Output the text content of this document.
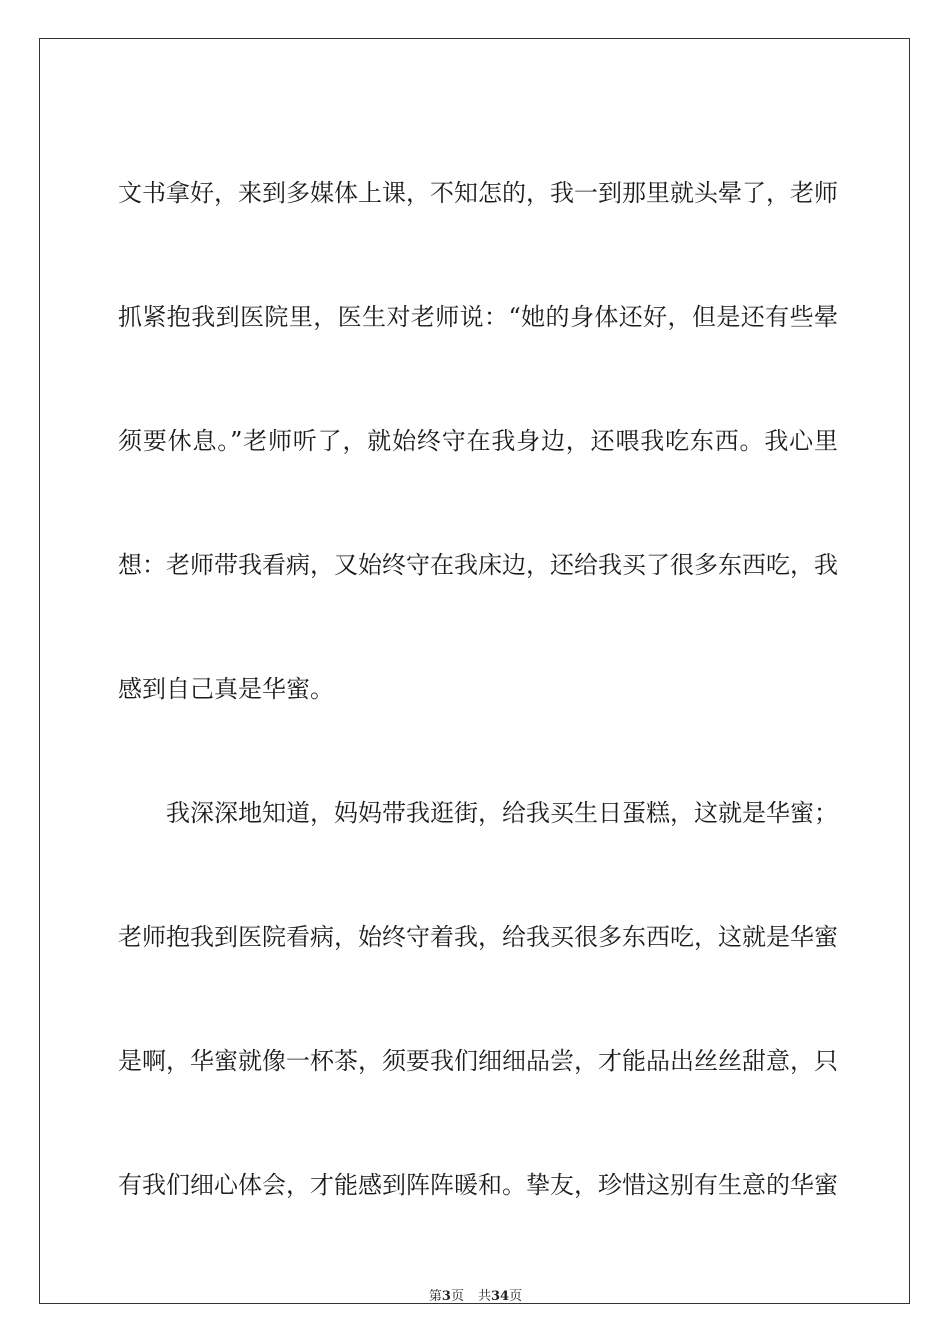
文书拿好，来到多媒体上课，不知怎的，我一到那里就头晕了，老师
抓紧抱我到医院里，医生对老师说：“她的身体还好，但是还有些晕
须要休息。”老师听了，就始终守在我身边，还喂我吃东西。我心里
想：老师带我看病，又始终守在我床边，还给我买了很多东西吃，我
感到自己真是华蜜。
我深深地知道，妈妈带我逛街，给我买生日蛋糕，这就是华蜜；
老师抱我到医院看病，始终守着我，给我买很多东西吃，这就是华蜜
是啊，华蜜就像一杯茶，须要我们细细品尝，才能品出丝丝甜意，只
有我们细心体会，才能感到阵阵暖和。挚友，珍惜这别有生意的华蜜
第3页 共34页
